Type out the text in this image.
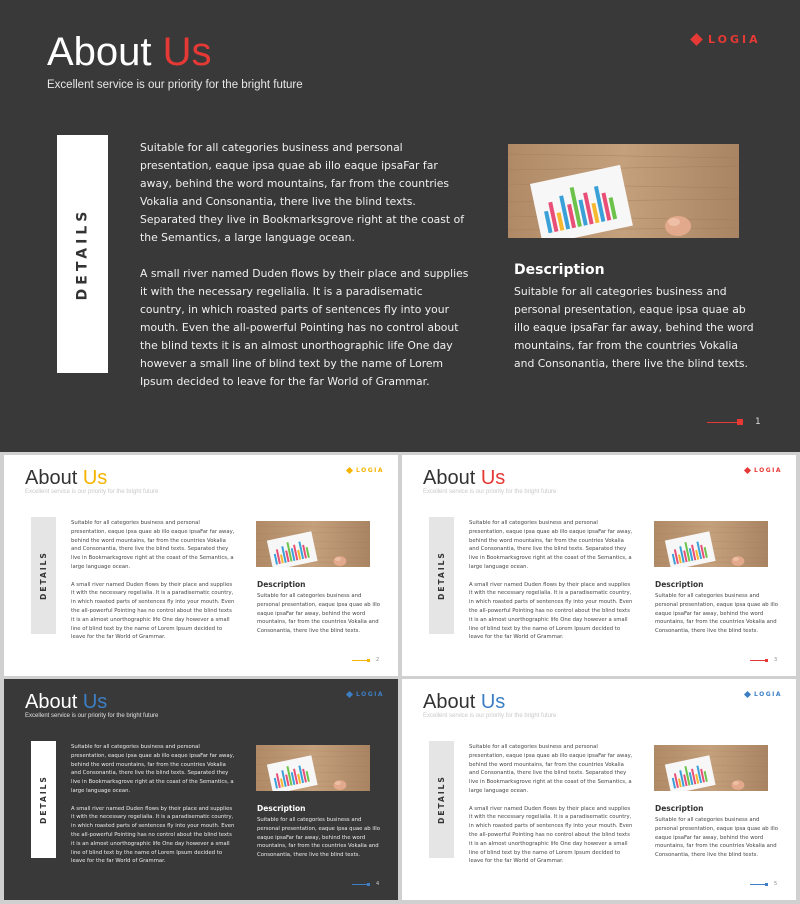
About Us
Excellent service is our priority for the bright future
LOGIA
DETAILS

Suitable for all categories business and personal presentation, eaque ipsa quae ab illo eaque ipsaFar far away, behind the word mountains, far from the countries Vokalia and Consonantia, there live the blind texts. Separated they live in Bookmarksgrove right at the coast of the Semantics, a large language ocean.

A small river named Duden flows by their place and supplies it with the necessary regelialia. It is a paradisematic country, in which roasted parts of sentences fly into your mouth. Even the all-powerful Pointing has no control about the blind texts it is an almost unorthographic life One day however a small line of blind text by the name of Lorem Ipsum decided to leave for the far World of Grammar.

Description
Suitable for all categories business and personal presentation, eaque ipsa quae ab illo eaque ipsaFar far away, behind the word mountains, far from the countries Vokalia and Consonantia, there live the blind texts.
1
About Us
Excellent service is our priority for the bright future
LOGIA
DETAILS

Suitable for all categories business and personal presentation, eaque ipsa quae ab illo eaque ipsaFar far away, behind the word mountains, far from the countries Vokalia and Consonantia, there live the blind texts. Separated they live in Bookmarksgrove right at the coast of the Semantics, a large language ocean.

A small river named Duden flows by their place and supplies it with the necessary regelialia. It is a paradisematic country, in which roasted parts of sentences fly into your mouth. Even the all-powerful Pointing has no control about the blind texts it is an almost unorthographic life One day however a small line of blind text by the name of Lorem Ipsum decided to leave for the far World of Grammar.

Description
Suitable for all categories business and personal presentation, eaque ipsa quae ab illo eaque ipsaFar far away, behind the word mountains, far from the countries Vokalia and Consonantia, there live the blind texts.
2
About Us
Excellent service is our priority for the bright future
LOGIA
DETAILS

Suitable for all categories business and personal presentation, eaque ipsa quae ab illo eaque ipsaFar far away, behind the word mountains, far from the countries Vokalia and Consonantia, there live the blind texts. Separated they live in Bookmarksgrove right at the coast of the Semantics, a large language ocean.

A small river named Duden flows by their place and supplies it with the necessary regelialia. It is a paradisematic country, in which roasted parts of sentences fly into your mouth. Even the all-powerful Pointing has no control about the blind texts it is an almost unorthographic life One day however a small line of blind text by the name of Lorem Ipsum decided to leave for the far World of Grammar.

Description
Suitable for all categories business and personal presentation, eaque ipsa quae ab illo eaque ipsaFar far away, behind the word mountains, far from the countries Vokalia and Consonantia, there live the blind texts.
3
About Us
Excellent service is our priority for the bright future
LOGIA
DETAILS

Suitable for all categories business and personal presentation, eaque ipsa quae ab illo eaque ipsaFar far away, behind the word mountains, far from the countries Vokalia and Consonantia, there live the blind texts. Separated they live in Bookmarksgrove right at the coast of the Semantics, a large language ocean.

A small river named Duden flows by their place and supplies it with the necessary regelialia. It is a paradisematic country, in which roasted parts of sentences fly into your mouth. Even the all-powerful Pointing has no control about the blind texts it is an almost unorthographic life One day however a small line of blind text by the name of Lorem Ipsum decided to leave for the far World of Grammar.

Description
Suitable for all categories business and personal presentation, eaque ipsa quae ab illo eaque ipsaFar far away, behind the word mountains, far from the countries Vokalia and Consonantia, there live the blind texts.
4
About Us
Excellent service is our priority for the bright future
LOGIA
DETAILS

Suitable for all categories business and personal presentation, eaque ipsa quae ab illo eaque ipsaFar far away, behind the word mountains, far from the countries Vokalia and Consonantia, there live the blind texts. Separated they live in Bookmarksgrove right at the coast of the Semantics, a large language ocean.

A small river named Duden flows by their place and supplies it with the necessary regelialia. It is a paradisematic country, in which roasted parts of sentences fly into your mouth. Even the all-powerful Pointing has no control about the blind texts it is an almost unorthographic life One day however a small line of blind text by the name of Lorem Ipsum decided to leave for the far World of Grammar.

Description
Suitable for all categories business and personal presentation, eaque ipsa quae ab illo eaque ipsaFar far away, behind the word mountains, far from the countries Vokalia and Consonantia, there live the blind texts.
5
